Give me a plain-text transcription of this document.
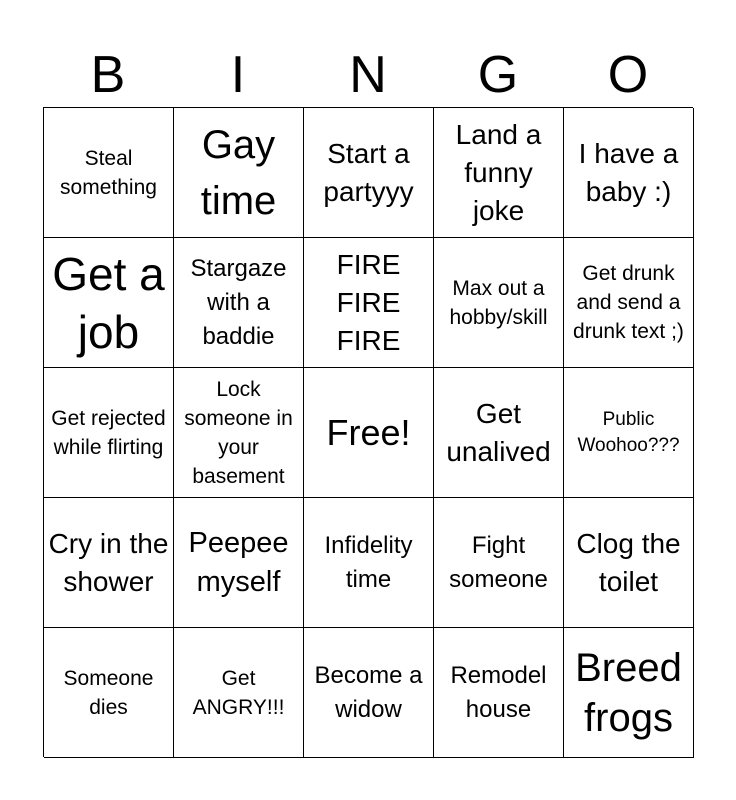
B	I	N	G	O
Steal something
Gay time
Start a partyyy
Land a funny joke
I have a baby :)
Get a job
Stargaze with a baddie
FIRE FIRE FIRE
Max out a hobby/skill
Get drunk and send a drunk text ;)
Get rejected while flirting
Lock someone in your basement
Free!	Get unalived
Public Woohoo???
Cry in the shower
Peepee myself
Infidelity time
Fight someone
Clog the toilet
Someone dies
Get ANGRY!!!
Become a widow
Remodel house
Breed frogs
